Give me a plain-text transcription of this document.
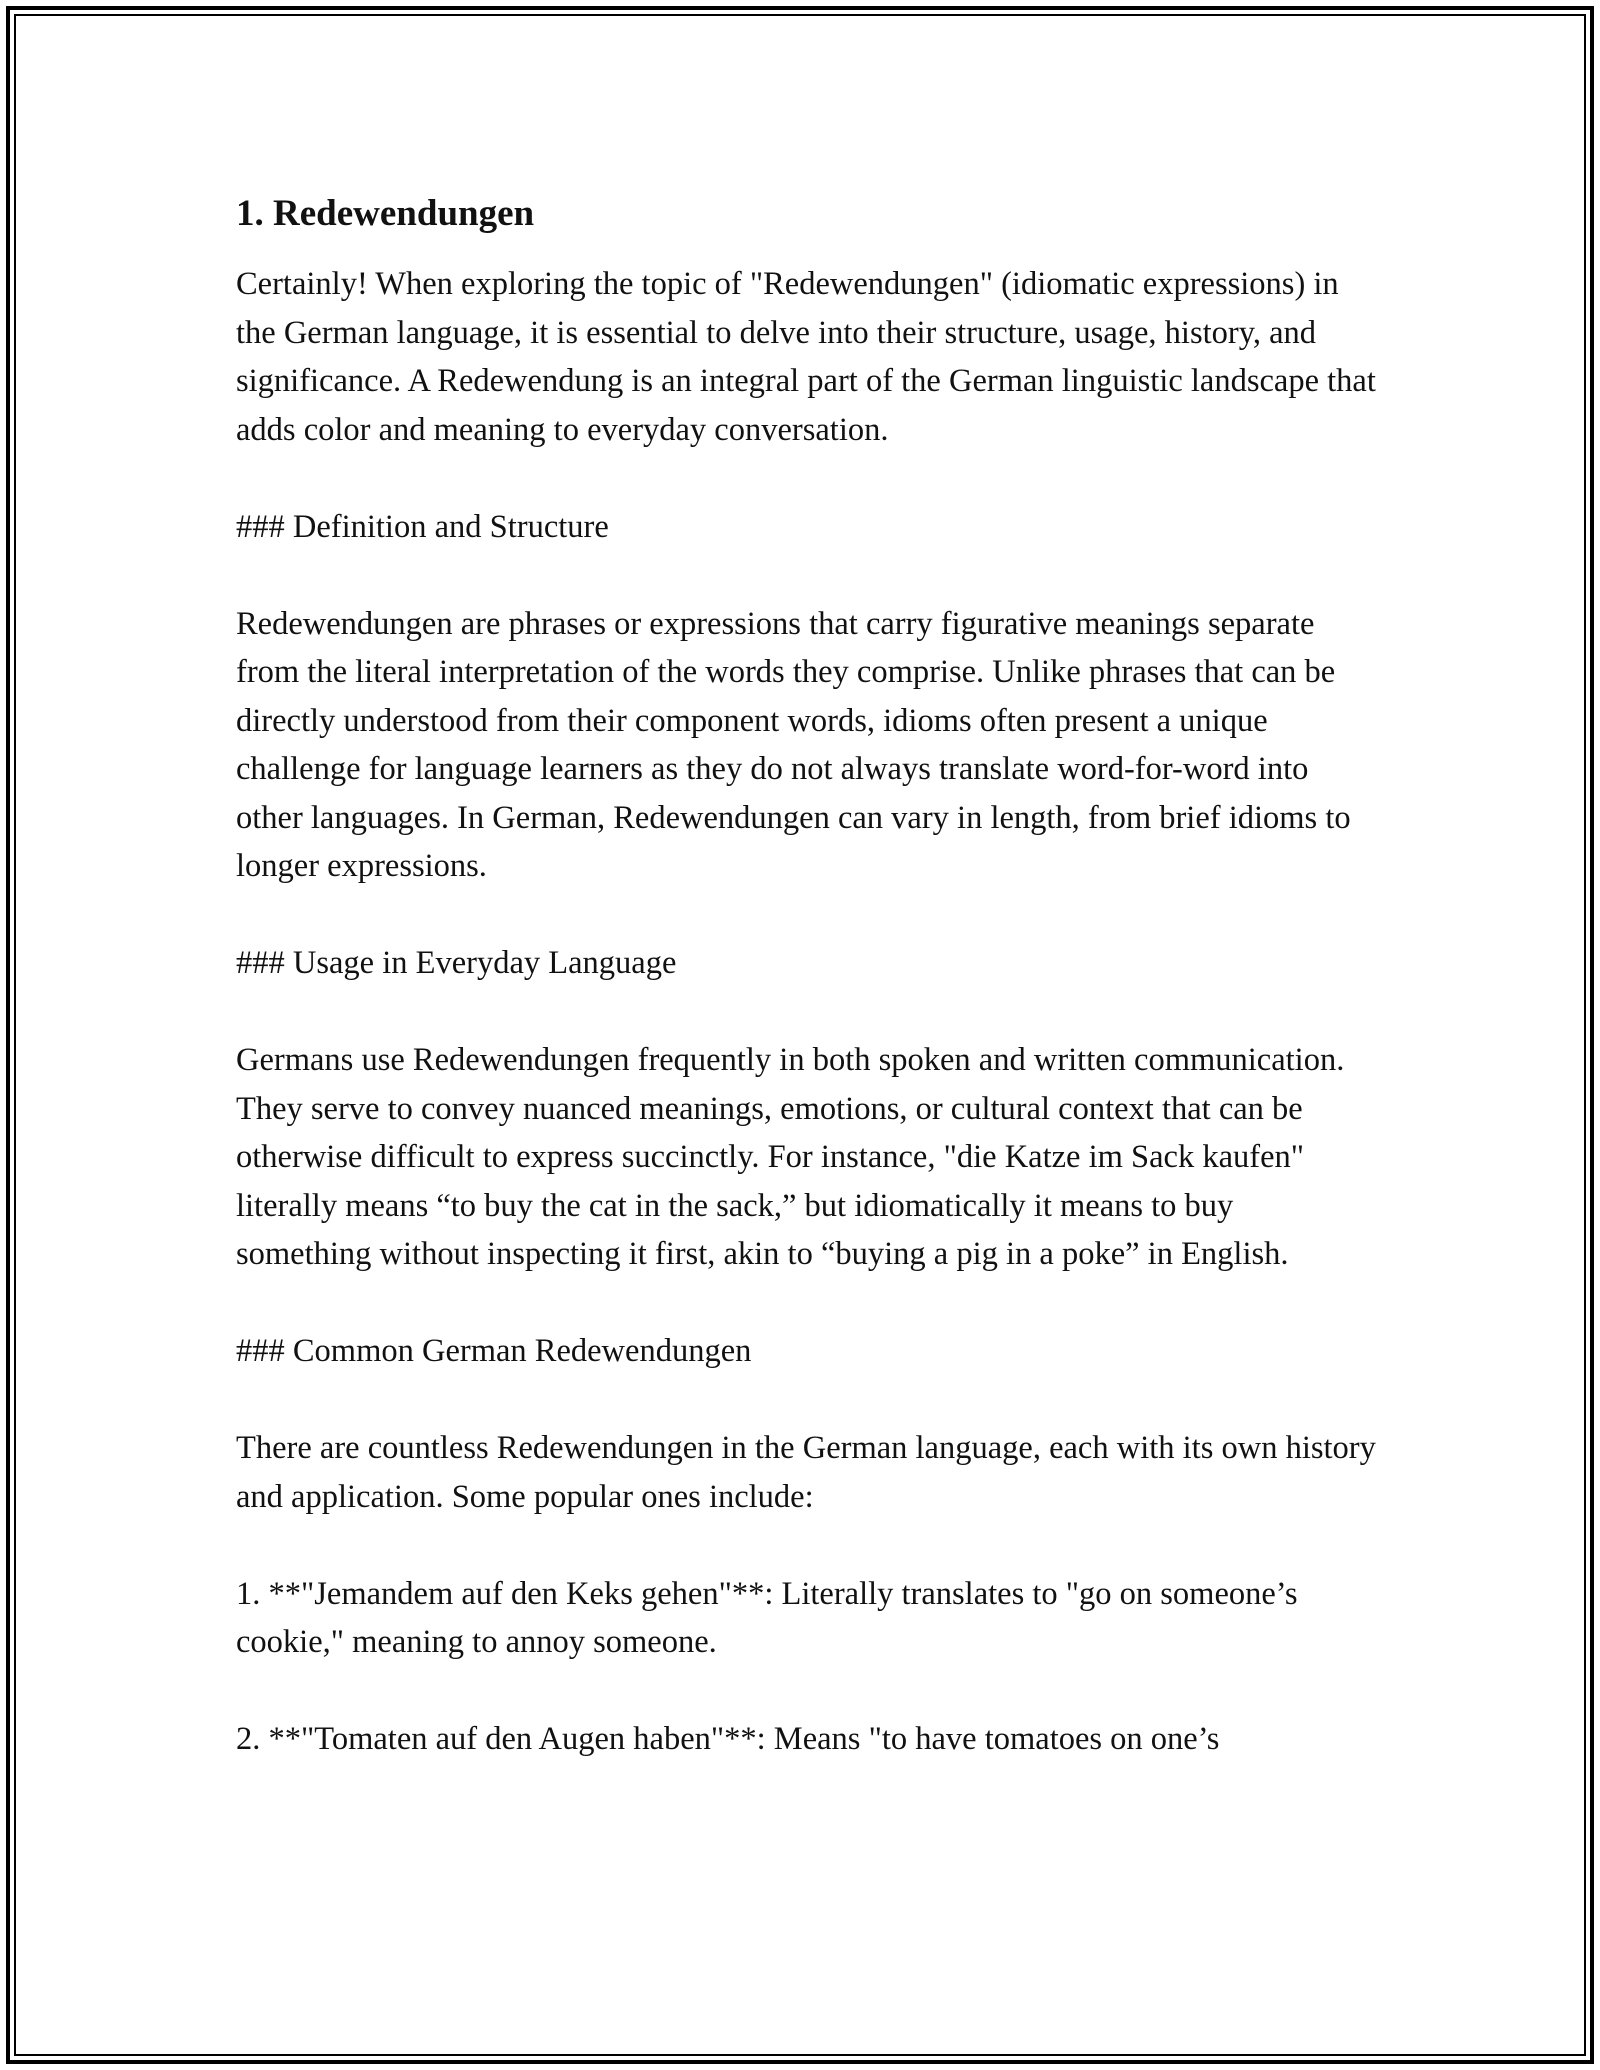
1. Redewendungen

Certainly! When exploring the topic of "Redewendungen" (idiomatic expressions) in the German language, it is essential to delve into their structure, usage, history, and significance. A Redewendung is an integral part of the German linguistic landscape that adds color and meaning to everyday conversation.

### Definition and Structure

Redewendungen are phrases or expressions that carry figurative meanings separate from the literal interpretation of the words they comprise. Unlike phrases that can be directly understood from their component words, idioms often present a unique challenge for language learners as they do not always translate word-for-word into other languages. In German, Redewendungen can vary in length, from brief idioms to longer expressions.

### Usage in Everyday Language

Germans use Redewendungen frequently in both spoken and written communication. They serve to convey nuanced meanings, emotions, or cultural context that can be otherwise difficult to express succinctly. For instance, "die Katze im Sack kaufen" literally means “to buy the cat in the sack,” but idiomatically it means to buy something without inspecting it first, akin to “buying a pig in a poke” in English.

### Common German Redewendungen

There are countless Redewendungen in the German language, each with its own history and application. Some popular ones include:

1. **"Jemandem auf den Keks gehen"**: Literally translates to "go on someone’s cookie," meaning to annoy someone.

2. **"Tomaten auf den Augen haben"**: Means "to have tomatoes on one’s
